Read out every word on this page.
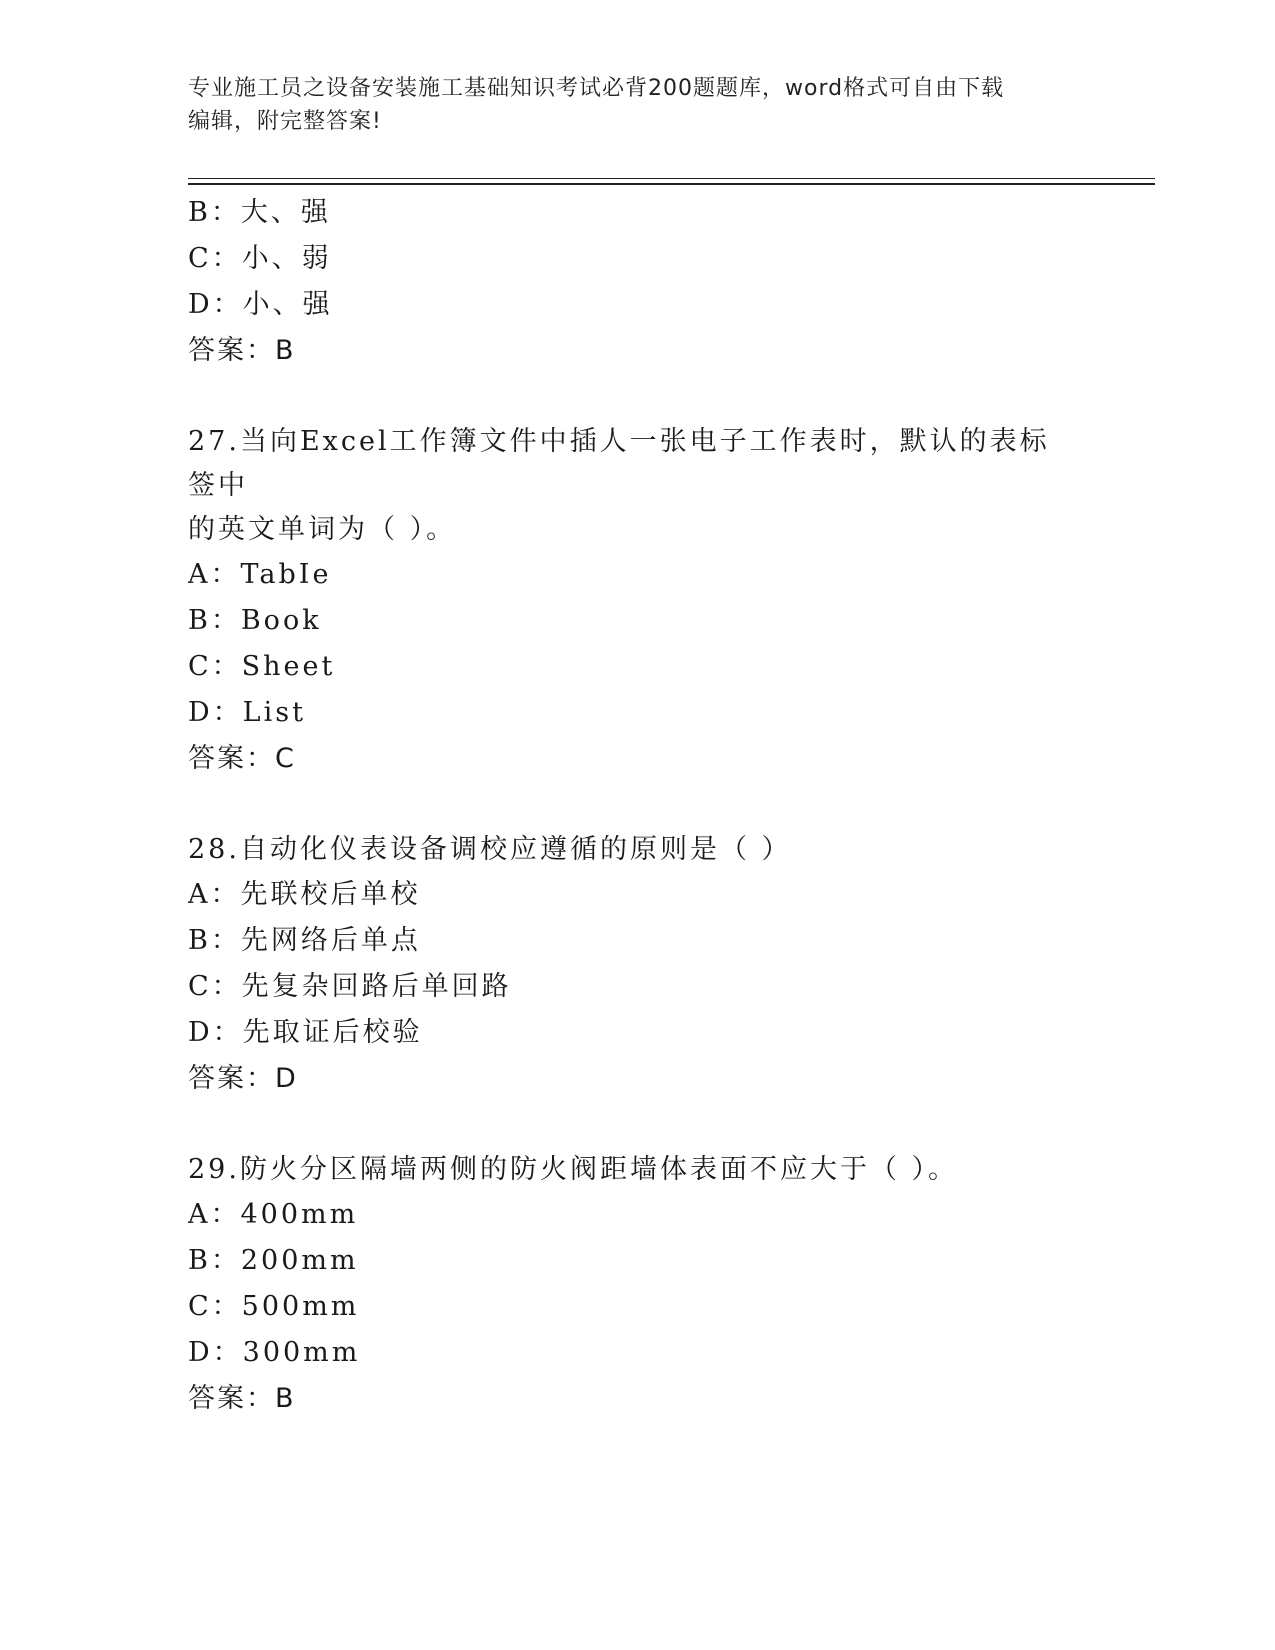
专业施工员之设备安装施工基础知识考试必背200题题库，word格式可自由下载
编辑，附完整答案!
B：大、强
C：小、弱
D：小、强
答案：B
27.当向Excel工作簿文件中插人一张电子工作表时，默认的表标签中
的英文单词为（ ）。
A：TabIe
B：Book
C：Sheet
D：List
答案：C
28.自动化仪表设备调校应遵循的原则是（ ）
A：先联校后单校
B：先网络后单点
C：先复杂回路后单回路
D：先取证后校验
答案：D
29.防火分区隔墙两侧的防火阀距墙体表面不应大于（ ）。
A：400mm
B：200mm
C：500mm
D：300mm
答案：B
